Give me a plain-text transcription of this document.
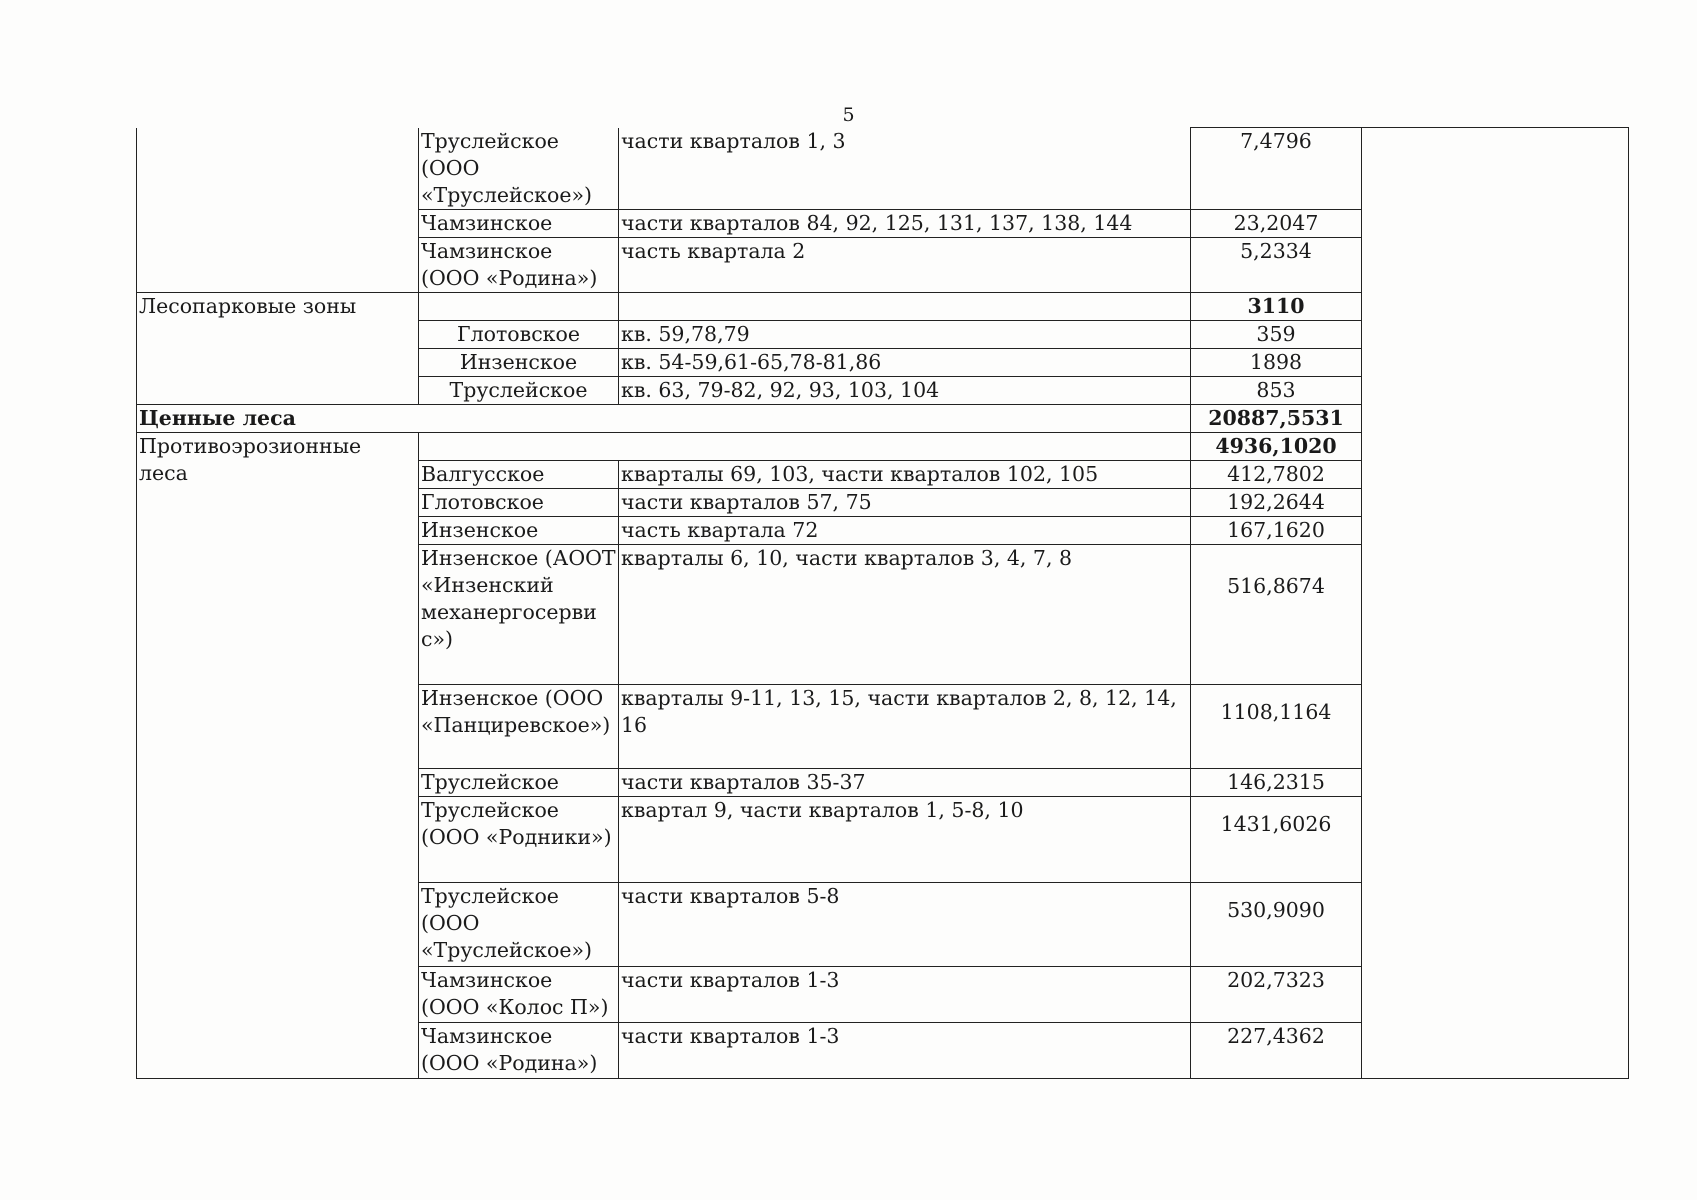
5
	Труслейское (ООО «Труслейское»)	части кварталов 1, 3	7,4796	
	Чамзинское	части кварталов 84, 92, 125, 131, 137, 138, 144	23,2047	
	Чамзинское (ООО «Родина»)	часть квартала 2	5,2334	
Лесопарковые зоны			3110	
	Глотовское	кв. 59,78,79	359	
	Инзенское	кв. 54-59,61-65,78-81,86	1898	
	Труслейское	кв. 63, 79-82, 92, 93, 103, 104	853	
Ценные леса			20887,5531	
Противоэрозионные леса			4936,1020	
	Валгусское	кварталы 69, 103, части кварталов 102, 105	412,7802	
	Глотовское	части кварталов 57, 75	192,2644	
	Инзенское	часть квартала 72	167,1620	
	Инзенское (АООТ «Инзенский механергосерви с»)	кварталы 6, 10, части кварталов 3, 4, 7, 8	516,8674	
	Инзенское (ООО «Панциревское»)	кварталы 9-11, 13, 15, части кварталов 2, 8, 12, 14, 16	1108,1164	
	Труслейское	части кварталов 35-37	146,2315	
	Труслейское (ООО «Родники»)	квартал 9, части кварталов 1, 5-8, 10	1431,6026	
	Труслейское (ООО «Труслейское»)	части кварталов 5-8	530,9090	
	Чамзинское (ООО «Колос П»)	части кварталов 1-3	202,7323	
	Чамзинское (ООО «Родина»)	части кварталов 1-3	227,4362	
